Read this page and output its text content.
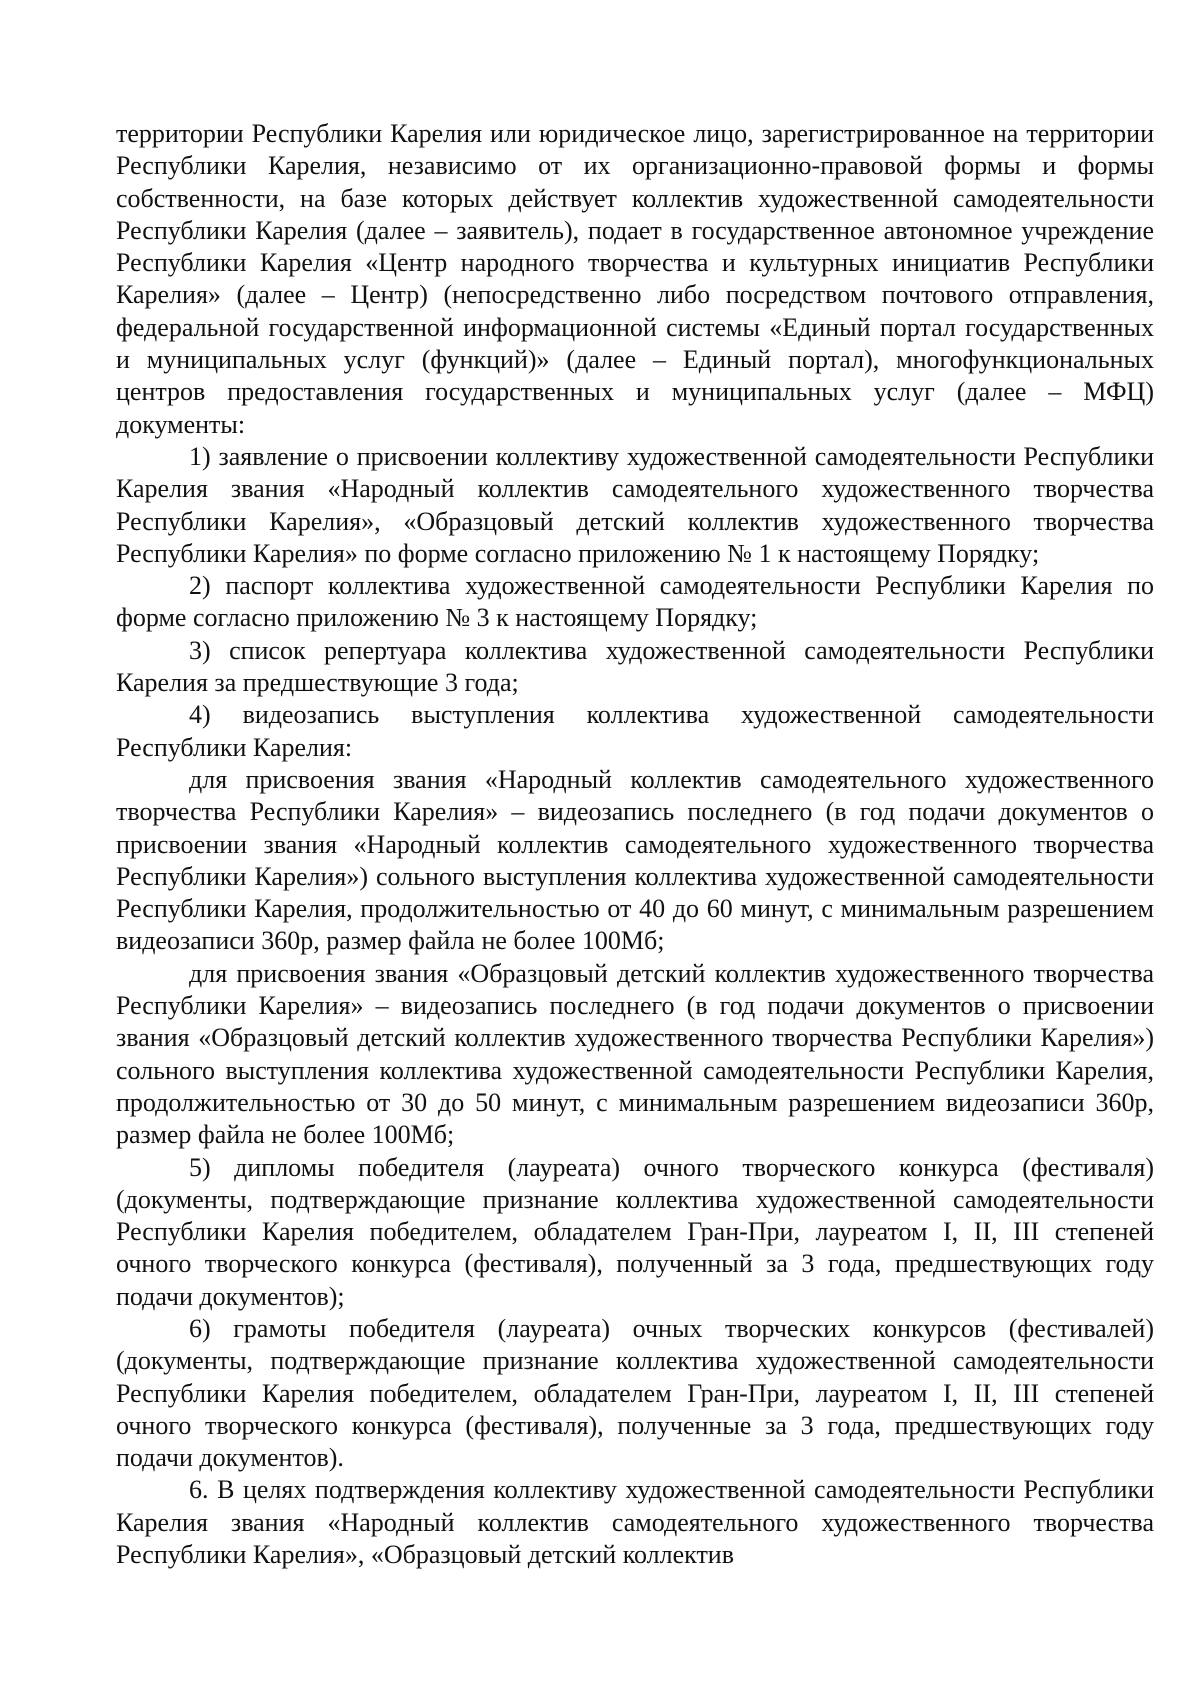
территории Республики Карелия или юридическое лицо, зарегистрированное на территории Республики Карелия, независимо от их организационно-правовой формы и формы собственности, на базе которых действует коллектив художественной самодеятельности Республики Карелия (далее – заявитель), подает в государственное автономное учреждение Республики Карелия «Центр народного творчества и культурных инициатив Республики Карелия» (далее – Центр) (непосредственно либо посредством почтового отправления, федеральной государственной информационной системы «Единый портал государственных и муниципальных услуг (функций)» (далее – Единый портал), многофункциональных центров предоставления государственных и муниципальных услуг (далее – МФЦ) документы:

1) заявление о присвоении коллективу художественной самодеятельности Республики Карелия звания «Народный коллектив самодеятельного художественного творчества Республики Карелия», «Образцовый детский коллектив художественного творчества Республики Карелия» по форме согласно приложению № 1 к настоящему Порядку;

2) паспорт коллектива художественной самодеятельности Республики Карелия по форме согласно приложению № 3 к настоящему Порядку;

3) список репертуара коллектива художественной самодеятельности Республики Карелия за предшествующие 3 года;

4) видеозапись выступления коллектива художественной самодеятельности Республики Карелия:

для присвоения звания «Народный коллектив самодеятельного художественного творчества Республики Карелия» – видеозапись последнего (в год подачи документов о присвоении звания «Народный коллектив самодеятельного художественного творчества Республики Карелия») сольного выступления коллектива художественной самодеятельности Республики Карелия, продолжительностью от 40 до 60 минут, с минимальным разрешением видеозаписи 360р, размер файла не более 100Мб;

для присвоения звания «Образцовый детский коллектив художественного творчества Республики Карелия» – видеозапись последнего (в год подачи документов о присвоении звания «Образцовый детский коллектив художественного творчества Республики Карелия») сольного выступления коллектива художественной самодеятельности Республики Карелия, продолжительностью от 30 до 50 минут, с минимальным разрешением видеозаписи 360р, размер файла не более 100Мб;

5) дипломы победителя (лауреата) очного творческого конкурса (фестиваля) (документы, подтверждающие признание коллектива художественной самодеятельности Республики Карелия победителем, обладателем Гран-При, лауреатом I, II, III степеней очного творческого конкурса (фестиваля), полученный за 3 года, предшествующих году подачи документов);

6) грамоты победителя (лауреата) очных творческих конкурсов (фестивалей) (документы, подтверждающие признание коллектива художественной самодеятельности Республики Карелия победителем, обладателем Гран-При, лауреатом I, II, III степеней очного творческого конкурса (фестиваля), полученные за 3 года, предшествующих году подачи документов).

6. В целях подтверждения коллективу художественной самодеятельности Республики Карелия звания «Народный коллектив самодеятельного художественного творчества Республики Карелия», «Образцовый детский коллектив
